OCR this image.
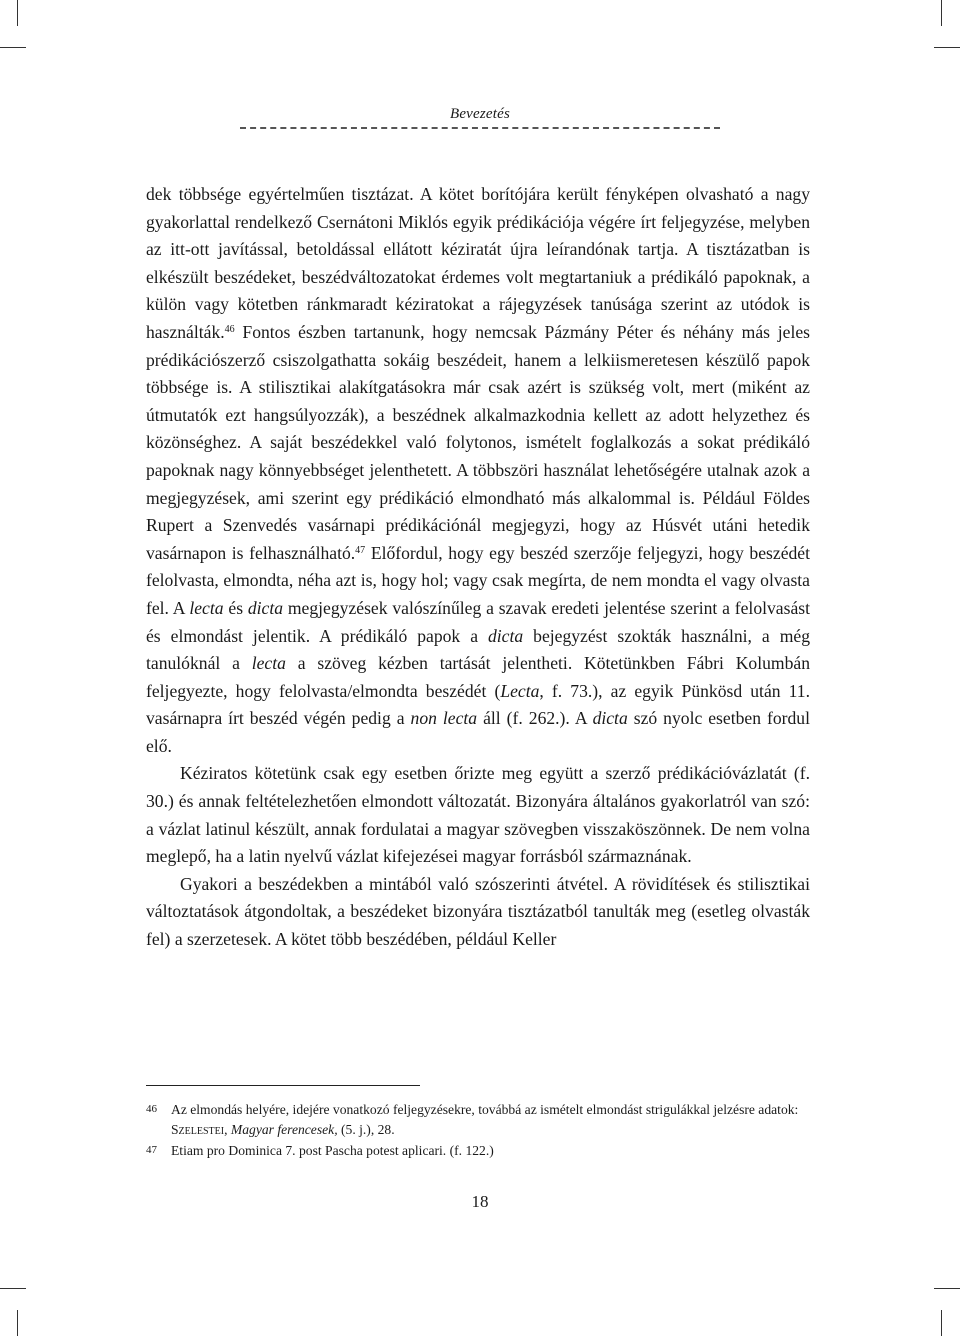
Bevezetés

dek többsége egyértelműen tisztázat. A kötet borítójára került fényképen olvasható a nagy gyakorlattal rendelkező Csernátoni Miklós egyik prédikációja végére írt feljegyzése, melyben az itt-ott javítással, betoldással ellátott kéziratát újra leírandónak tartja. A tisztázatban is elkészült beszédeket, beszédváltozatokat érdemes volt megtartaniuk a prédikáló papoknak, a külön vagy kötetben ránkmaradt kéziratokat a rájegyzések tanúsága szerint az utódok is használták.$^{46}$ Fontos észben tartanunk, hogy nemcsak Pázmány Péter és néhány más jeles prédikációszerző csiszolgathatta sokáig beszédeit, hanem a lelkiismeretesen készülő papok többsége is. A stilisztikai alakítgatásokra már csak azért is szükség volt, mert (miként az útmutatók ezt hangsúlyozzák), a beszédnek alkalmazkodnia kellett az adott helyzethez és közönséghez. A saját beszédekkel való folytonos, ismételt foglalkozás a sokat prédikáló papoknak nagy könnyebbséget jelenthetett. A többszöri használat lehetőségére utalnak azok a megjegyzések, ami szerint egy prédikáció elmondható más alkalommal is. Például Földes Rupert a Szenvedés vasárnapi prédikációnál megjegyzi, hogy az Húsvét utáni hetedik vasárnapon is felhasználható.$^{47}$ Előfordul, hogy egy beszéd szerzője feljegyzi, hogy beszédét felolvasta, elmondta, néha azt is, hogy hol; vagy csak megírta, de nem mondta el vagy olvasta fel. A lecta és dicta megjegyzések valószínűleg a szavak eredeti jelentése szerint a felolvasást és elmondást jelentik. A prédikáló papok a dicta bejegyzést szokták használni, a még tanulóknál a lecta a szöveg kézben tartását jelentheti. Kötetünkben Fábri Kolumbán feljegyezte, hogy felolvasta/elmondta beszédét (Lecta, f. 73.), az egyik Pünkösd után 11. vasárnapra írt beszéd végén pedig a non lecta áll (f. 262.). A dicta szó nyolc esetben fordul elő.

Kéziratos kötetünk csak egy esetben őrizte meg együtt a szerző prédikációvázlatát (f. 30.) és annak feltételezhetően elmondott változatát. Bizonyára általános gyakorlatról van szó: a vázlat latinul készült, annak fordulatai a magyar szövegben visszaköszönnek. De nem volna meglepő, ha a latin nyelvű vázlat kifejezései magyar forrásból származnának.

Gyakori a beszédekben a mintából való szószerinti átvétel. A rövidítések és stilisztikai változtatások átgondoltak, a beszédeket bizonyára tisztázatból tanulták meg (esetleg olvasták fel) a szerzetesek. A kötet több beszédében, például Keller

46 Az elmondás helyére, idejére vonatkozó feljegyzésekre, továbbá az ismételt elmondást strigulákkal jelzésre adatok: Szelestei, Magyar ferencesek, (5. j.), 28.
47 Etiam pro Dominica 7. post Pascha potest aplicari. (f. 122.)
18
